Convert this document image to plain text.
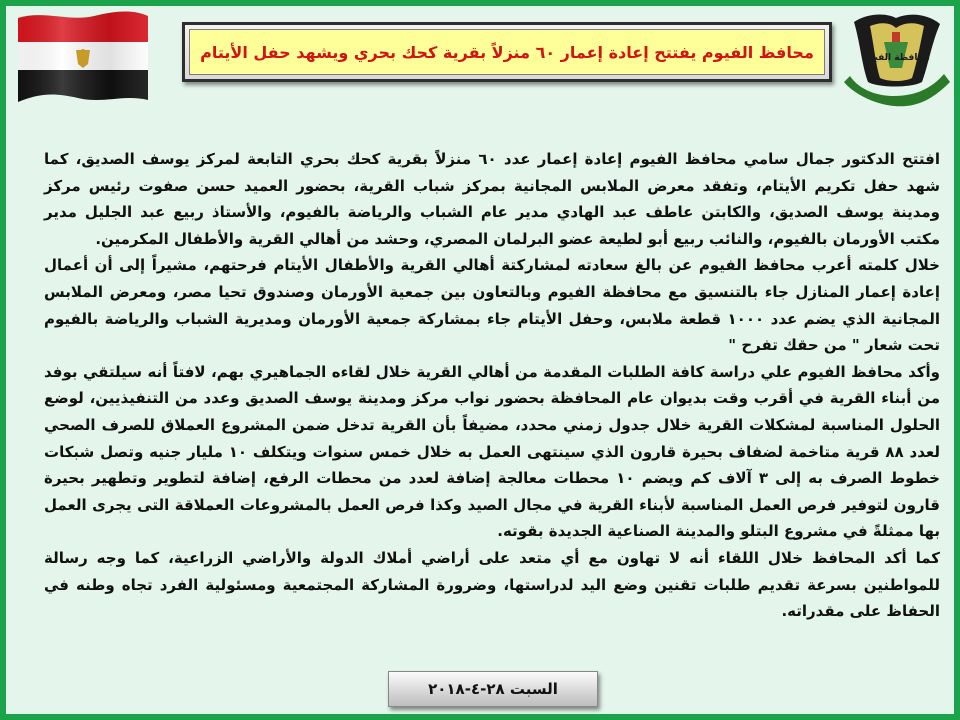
محافظة الفيوم
محافظ الفيوم يفتتح إعادة إعمار ٦٠ منزلاً بقرية كحك بحري ويشهد حفل الأيتام

افتتح الدكتور جمال سامي محافظ الفيوم إعادة إعمار عدد ٦٠ منزلاً بقرية كحك بحري التابعة لمركز يوسف الصديق، كما شهد حفل تكريم الأيتام، وتفقد معرض الملابس المجانية بمركز شباب القرية، بحضور العميد حسن صفوت رئيس مركز ومدينة يوسف الصديق، والكابتن عاطف عبد الهادي مدير عام الشباب والرياضة بالفيوم، والأستاذ ربيع عبد الجليل مدير مكتب الأورمان بالفيوم، والنائب ربيع أبو لطيعة عضو البرلمان المصري، وحشد من أهالي القرية والأطفال المكرمين.

خلال كلمته أعرب محافظ الفيوم عن بالغ سعادته لمشاركتة أهالي القرية والأطفال الأيتام فرحتهم، مشيراً إلى أن أعمال إعادة إعمار المنازل جاء بالتنسيق مع محافظة الفيوم وبالتعاون بين جمعية الأورمان وصندوق تحيا مصر، ومعرض الملابس المجانية الذي يضم عدد ١٠٠٠ قطعة ملابس، وحفل الأيتام جاء بمشاركة جمعية الأورمان ومديرية الشباب والرياضة بالفيوم تحت شعار " من حقك تفرح "

وأكد محافظ الفيوم علي دراسة كافة الطلبات المقدمة من أهالي القرية خلال لقاءه الجماهيري بهم، لافتاً أنه سيلتقي بوفد من أبناء القرية في أقرب وقت بديوان عام المحافظة بحضور نواب مركز ومدينة يوسف الصديق وعدد من التنفيذيين، لوضع الحلول المناسبة لمشكلات القرية خلال جدول زمني محدد، مضيفاً بأن القرية تدخل ضمن المشروع العملاق للصرف الصحي لعدد ٨٨ قرية متاخمة لضفاف بحيرة قارون الذي سينتهى العمل به خلال خمس سنوات ويتكلف ١٠ مليار جنيه وتصل شبكات خطوط الصرف به إلى ٣ آلاف كم ويضم ١٠ محطات معالجة إضافة لعدد من محطات الرفع، إضافة لتطوير وتطهير بحيرة قارون لتوفير فرص العمل المناسبة لأبناء القرية في مجال الصيد وكذا فرص العمل بالمشروعات العملاقة التى يجرى العمل بها ممثلةً في مشروع البتلو والمدينة الصناعية الجديدة بقوته.

كما أكد المحافظ خلال اللقاء أنه لا تهاون مع أي متعد على أراضي أملاك الدولة والأراضي الزراعية، كما وجه رسالة للمواطنين بسرعة تقديم طلبات تقنين وضع اليد لدراستها، وضرورة المشاركة المجتمعية ومسئولية الفرد تجاه وطنه في الحفاظ على مقدراته.

السبت ٢٨-٤-٢٠١٨
